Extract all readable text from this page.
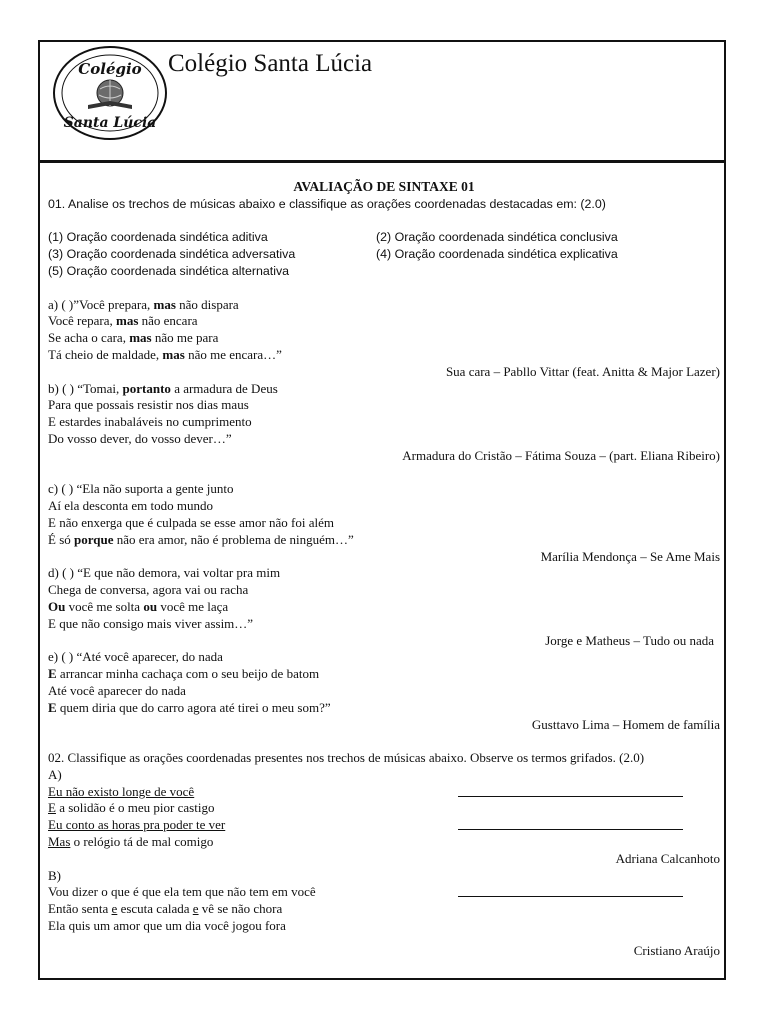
Colégio
Santa Lúcia
Colégio Santa Lúcia
AVALIAÇÃO DE SINTAXE 01
01. Analise os trechos de músicas abaixo e classifique as orações coordenadas destacadas em: (2.0)
(1) Oração coordenada sindética aditiva	(2) Oração coordenada sindética conclusiva
(3) Oração coordenada sindética adversativa	(4) Oração coordenada sindética explicativa
(5) Oração coordenada sindética alternativa
a) ( )”Você prepara, mas não dispara
Você repara, mas não encara
Se acha o cara, mas não me para
Tá cheio de maldade, mas não me encara…”
Sua cara – Pabllo Vittar (feat. Anitta & Major Lazer)
b) ( ) “Tomai, portanto a armadura de Deus
Para que possais resistir nos dias maus
E estardes inabaláveis no cumprimento
Do vosso dever, do vosso dever…”
Armadura do Cristão – Fátima Souza – (part. Eliana Ribeiro)
c) ( ) “Ela não suporta a gente junto
Aí ela desconta em todo mundo
E não enxerga que é culpada se esse amor não foi além
É só porque não era amor, não é problema de ninguém…”
Marília Mendonça – Se Ame Mais
d) ( ) “E que não demora, vai voltar pra mim
Chega de conversa, agora vai ou racha
Ou você me solta ou você me laça
E que não consigo mais viver assim…”
Jorge e Matheus – Tudo ou nada
e) ( ) “Até você aparecer, do nada
E arrancar minha cachaça com o seu beijo de batom
Até você aparecer do nada
E quem diria que do carro agora até tirei o meu som?”
Gusttavo Lima – Homem de família
02. Classifique as orações coordenadas presentes nos trechos de músicas abaixo. Observe os termos grifados. (2.0)
A)
Eu não existo longe de você
E a solidão é o meu pior castigo
Eu conto as horas pra poder te ver
Mas o relógio tá de mal comigo
Adriana Calcanhoto
B)
Vou dizer o que é que ela tem que não tem em você
Então senta e escuta calada e vê se não chora
Ela quis um amor que um dia você jogou fora
Cristiano Araújo
